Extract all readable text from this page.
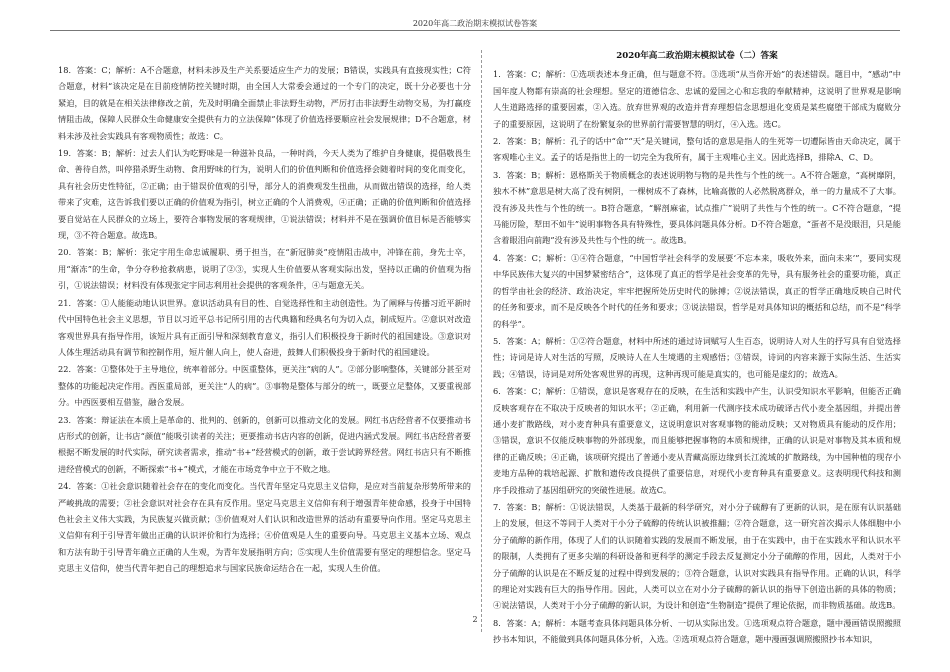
2020年高二政治期末模拟试卷答案

18．答案：C；解析：A不合题意，材料未涉及生产关系要适应生产力的发展；B错误，实践具有直接现实性；C符合题意，材料“该决定是在目前疫情防控关键时期，由全国人大常委会通过的一个专门的决定，既十分必要也十分紧迫，目的就是在相关法律修改之前，先及时明确全面禁止非法野生动物，严厉打击非法野生动物交易，为打赢疫情阻击战，保障人民群众生命健康安全提供有力的立法保障”体现了价值选择要顺应社会发展规律；D不合题意，材料未涉及社会实践具有客观物质性；故选：C。

19．答案：B；解析：过去人们认为吃野味是一种滋补良品，一种时尚，今天人类为了维护自身健康，提倡敬畏生命、善待自然，叫停猎杀野生动物、食用野味的行为，说明人们的价值判断和价值选择会随着时间的变化而变化，具有社会历史性特征，②正确；由于错误价值观的引导，部分人的消费观发生扭曲，从而做出错误的选择，给人类带来了灾难，这告诉我们要以正确的价值观为指引，树立正确的个人消费观，④正确；正确的价值判断和价值选择要自觉站在人民群众的立场上，要符合事物发展的客观规律，①说法错误；材料并不是在强调价值目标是否能够实现，③不符合题意。故选B。

20．答案：B；解析：张定宇用生命忠诚履职、勇于担当，在“新冠肺炎”疫情阻击战中，冲锋在前，身先士卒，用“渐冻”的生命，争分夺秒抢救病患，说明了②③，实现人生价值要从客观实际出发，坚持以正确的价值观为指引，①说法错误；材料没有体现张定宇同志利用社会提供的客观条件，④与题意无关。

21．答案：①人能能动地认识世界。意识活动具有目的性、自觉选择性和主动创造性。为了阐释与传播习近平新时代中国特色社会主义思想，节目以习近平总书记所引用的古代典籍和经典名句为切入点，制成短片。②意识对改造客观世界具有指导作用，该短片具有正面引导和深刻教育意义，指引人们积极投身于新时代的祖国建设。③意识对人体生理活动具有调节和控制作用，短片催人向上，使人奋进，鼓舞人们积极投身于新时代的祖国建设。

22．答案：①整体处于主导地位，统率着部分。中医重整体，更关注“病的人”。②部分影响整体，关键部分甚至对整体的功能起决定作用。西医重局部，更关注“人的病”。③事物是整体与部分的统一，既要立足整体，又要重视部分。中西医要相互借鉴，融合发展。

23．答案：辩证法在本质上是革命的、批判的、创新的，创新可以推动文化的发展。网红书店经营者不仅要推动书店形式的创新，让书店“颜值”能吸引读者的关注；更要推动书店内容的创新，促进内涵式发展。网红书店经营者要根据不断发展的时代实际，研究读者需求，推动“书+”经营模式的创新，敢于尝试跨界经营。网红书店只有不断推进经营模式的创新，不断探索“书+”模式，才能在市场竞争中立于不败之地。

24．答案：①社会意识随着社会存在的变化而变化。当代青年坚定马克思主义信仰，是应对当前复杂形势所带来的严峻挑战的需要；②社会意识对社会存在具有反作用。坚定马克思主义信仰有利于增强青年使命感，投身于中国特色社会主义伟大实践，为民族复兴做贡献；③价值观对人们认识和改造世界的活动有重要导向作用。坚定马克思主义信仰有利于引导青年做出正确的认识评价和行为选择；④价值观是人生的重要向导。马克思主义基本立场、观点和方法有助于引导青年确立正确的人生观，为青年发展指明方向；⑤实现人生价值需要有坚定的理想信念。坚定马克思主义信仰，使当代青年把自己的理想追求与国家民族命运结合在一起，实现人生价值。

2020年高二政治期末模拟试卷（二）答案

1．答案：C；解析：①选项表述本身正确，但与题意不符。③选项“从当你开始”的表述错误。题目中，“感动”中国年度人物都有崇高的社会理想。坚定的道德信念、忠诚的爱国之心和忘我的奉献精神，这说明了世界观是影响人生道路选择的重要因素，②入选。放弃世界观的改造并背弃理想信念思想退化变质是某些腐堕干部成为腐败分子的重要原因，这说明了在纷繁复杂的世界前行需要智慧的明灯，④入选。选C。

2．答案：B；解析：孔子的话中“命”“天”是关键词，整句话的意思是指人的生死等一切遭际皆由天命决定，属于客观唯心主义。孟子的话是指世上的一切完全为我所有，属于主观唯心主义。因此选择B，排除A、C、D。

3．答案：B；解析：恩格斯关于物质概念的表述说明物与物的是共性与个性的统一。A不符合题意，“高树靡阴，独木不林”意思是树大高了没有树阴，一棵树成不了森林，比喻高傲的人必然脱离群众，单一的力量成不了大事。没有涉及共性与个性的统一。B符合题意，“解剖麻雀，试点推广”说明了共性与个性的统一。C不符合题意，“提马能厉险，犁田不如牛”说明事物各具有特殊性，要具体问题具体分析。D不符合题意，“蛋者不是没眼泪，只是能含着眼泪向前跑”没有涉及共性与个性的统一。故选B。

4．答案：C；解析：①④符合题意，“中国哲学社会科学的发展要‘不忘本来，吸收外来，面向未来’”，要同实现中华民族伟大复兴的中国梦紧密结合”，这体现了真正的哲学是社会变革的先导，具有服务社会的重要功能，真正的哲学由社会的经济、政治决定，牢牢把握所处历史时代的脉搏；②说法错误，真正的哲学正确地反映自己时代的任务和要求，而不是反映各个时代的任务和要求；③说法错误，哲学是对具体知识的概括和总结，而不是“科学的科学”。

5．答案：A；解析：①②符合题意，材料中所述的通过诗词赋写人生百态，说明诗人对人生的抒写具有自觉选择性；诗词是诗人对生活的写照，反映诗人在人生境遇的主观感悟；③错误，诗词的内容来源于实际生活、生活实践；④错误，诗词是对所处客观世界的再现，这种再现可能是真实的，也可能是虚幻的；故选A。

6．答案：C；解析：①错误，意识是客观存在的反映，在生活和实践中产生，认识受知识水平影响，但能否正确反映客观存在不取决于反映者的知识水平；②正确，利用新一代测序技术成功破译古代小麦全基因组，并提出普通小麦扩散路线，对小麦育种具有重要意义，这说明意识对客观事物的能动反映；又对物质具有能动的反作用；③错误，意识不仅能反映事物的外部现象，而且能够把握事物的本质和规律，正确的认识是对事物及其本质和规律的正确反映；④正确，该项研究提出了普通小麦从青藏高原边缘到长江流域的扩散路线，为中国种植的现存小麦地方品种的栽培起源、扩散和遗传改良提供了重要信息，对现代小麦育种具有重要意义。这表明现代科技和测序手段推动了基因组研究的突破性进展。故选C。

7．答案：B；解析：①说法错误，人类基于最新的科学研究，对小分子硫醇有了更新的认识，是在原有认识基础上的发展，但这不等同于人类对于小分子硫醇的传统认识被推翻；②符合题意，这一研究首次揭示人体细胞中小分子硫醇的新作用，体现了人们的认识随着实践的发展而不断发展，由于在实践中，由于在实践水平和认识水平的限制，人类拥有了更多尖端的科研设备和更科学的测定手段去反复测定小分子硫醇的作用，因此，人类对于小分子硫醇的认识是在不断反复的过程中得到发展的；③符合题意，认识对实践具有指导作用。正确的认识，科学的理论对实践有巨大的指导作用。因此，人类可以立在对小分子硫醇的新认识的指导下创造出新的具体的物质；④说法错误，人类对于小分子硫醇的新认识，为设计和创造“生物制造”提供了理论依据，而非物质基础。故选B。

8．答案：A；解析：本题考查具体问题具体分析、一切从实际出发。①选项观点符合题意，题中漫画错误照搬照抄书本知识，不能做到具体问题具体分析，入选。②选项观点符合题意，题中漫画强调照搬照抄书本知识，

2
